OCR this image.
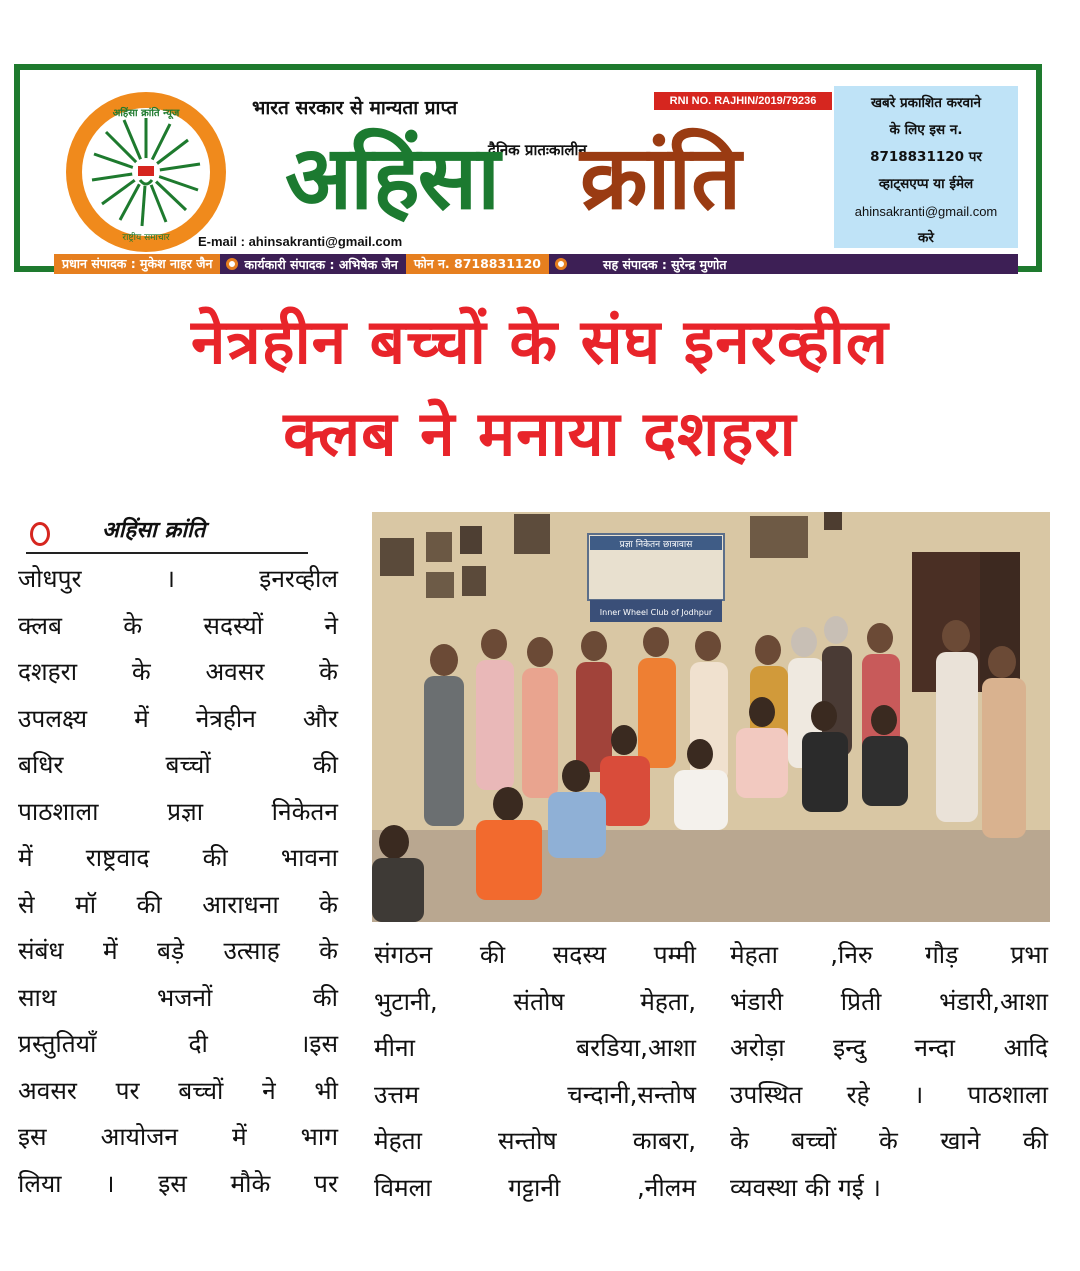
अहिंसा क्रांति न्यूज
राष्ट्रीय समाचार
भारत सरकार से मान्यता प्राप्त	RNI NO. RAJHIN/2019/79236
दैनिक प्रातःकालीन
अहिंसा क्रांति
E-mail : ahinsakranti@gmail.com
खबरे प्रकाशित करवाने
के लिए इस न.
8718831120 पर
व्हाट्सएप्प या ईमेल
ahinsakranti@gmail.com
करे
प्रधान संपादक : मुकेश नाहर जैन	कार्यकारी संपादक : अभिषेक जैन	फोन न. 8718831120	सह संपादक : सुरेन्द्र मुणोत
नेत्रहीन बच्चों के संघ इनरव्हील
क्लब ने मनाया दशहरा
अहिंसा क्रांति
जोधपुर । इनरव्हील
क्लब के सदस्यों ने
दशहरा के अवसर के
उपलक्ष्य में नेत्रहीन और
बधिर बच्चों की
पाठशाला प्रज्ञा निकेतन
में राष्ट्रवाद की भावना
से मॉ की आराधना के
संबंध में बड़े उत्साह के
साथ भजनों की
प्रस्तुतियाँ दी ।इस
अवसर पर बच्चों ने भी
इस आयोजन में भाग
लिया । इस मौके पर
संगठन की सदस्य पम्मी
भुटानी, संतोष मेहता,
मीना बरडिया,आशा
उत्तम चन्दानी,सन्तोष
मेहता सन्तोष काबरा,
विमला गट्टानी ,नीलम
मेहता ,निरु गौड़ प्रभा
भंडारी प्रिती भंडारी,आशा
अरोड़ा इन्दु नन्दा आदि
उपस्थित रहे । पाठशाला
के बच्चों के खाने की
व्यवस्था की गई ।
प्रज्ञा निकेतन छात्रावास
Inner Wheel Club of Jodhpur
